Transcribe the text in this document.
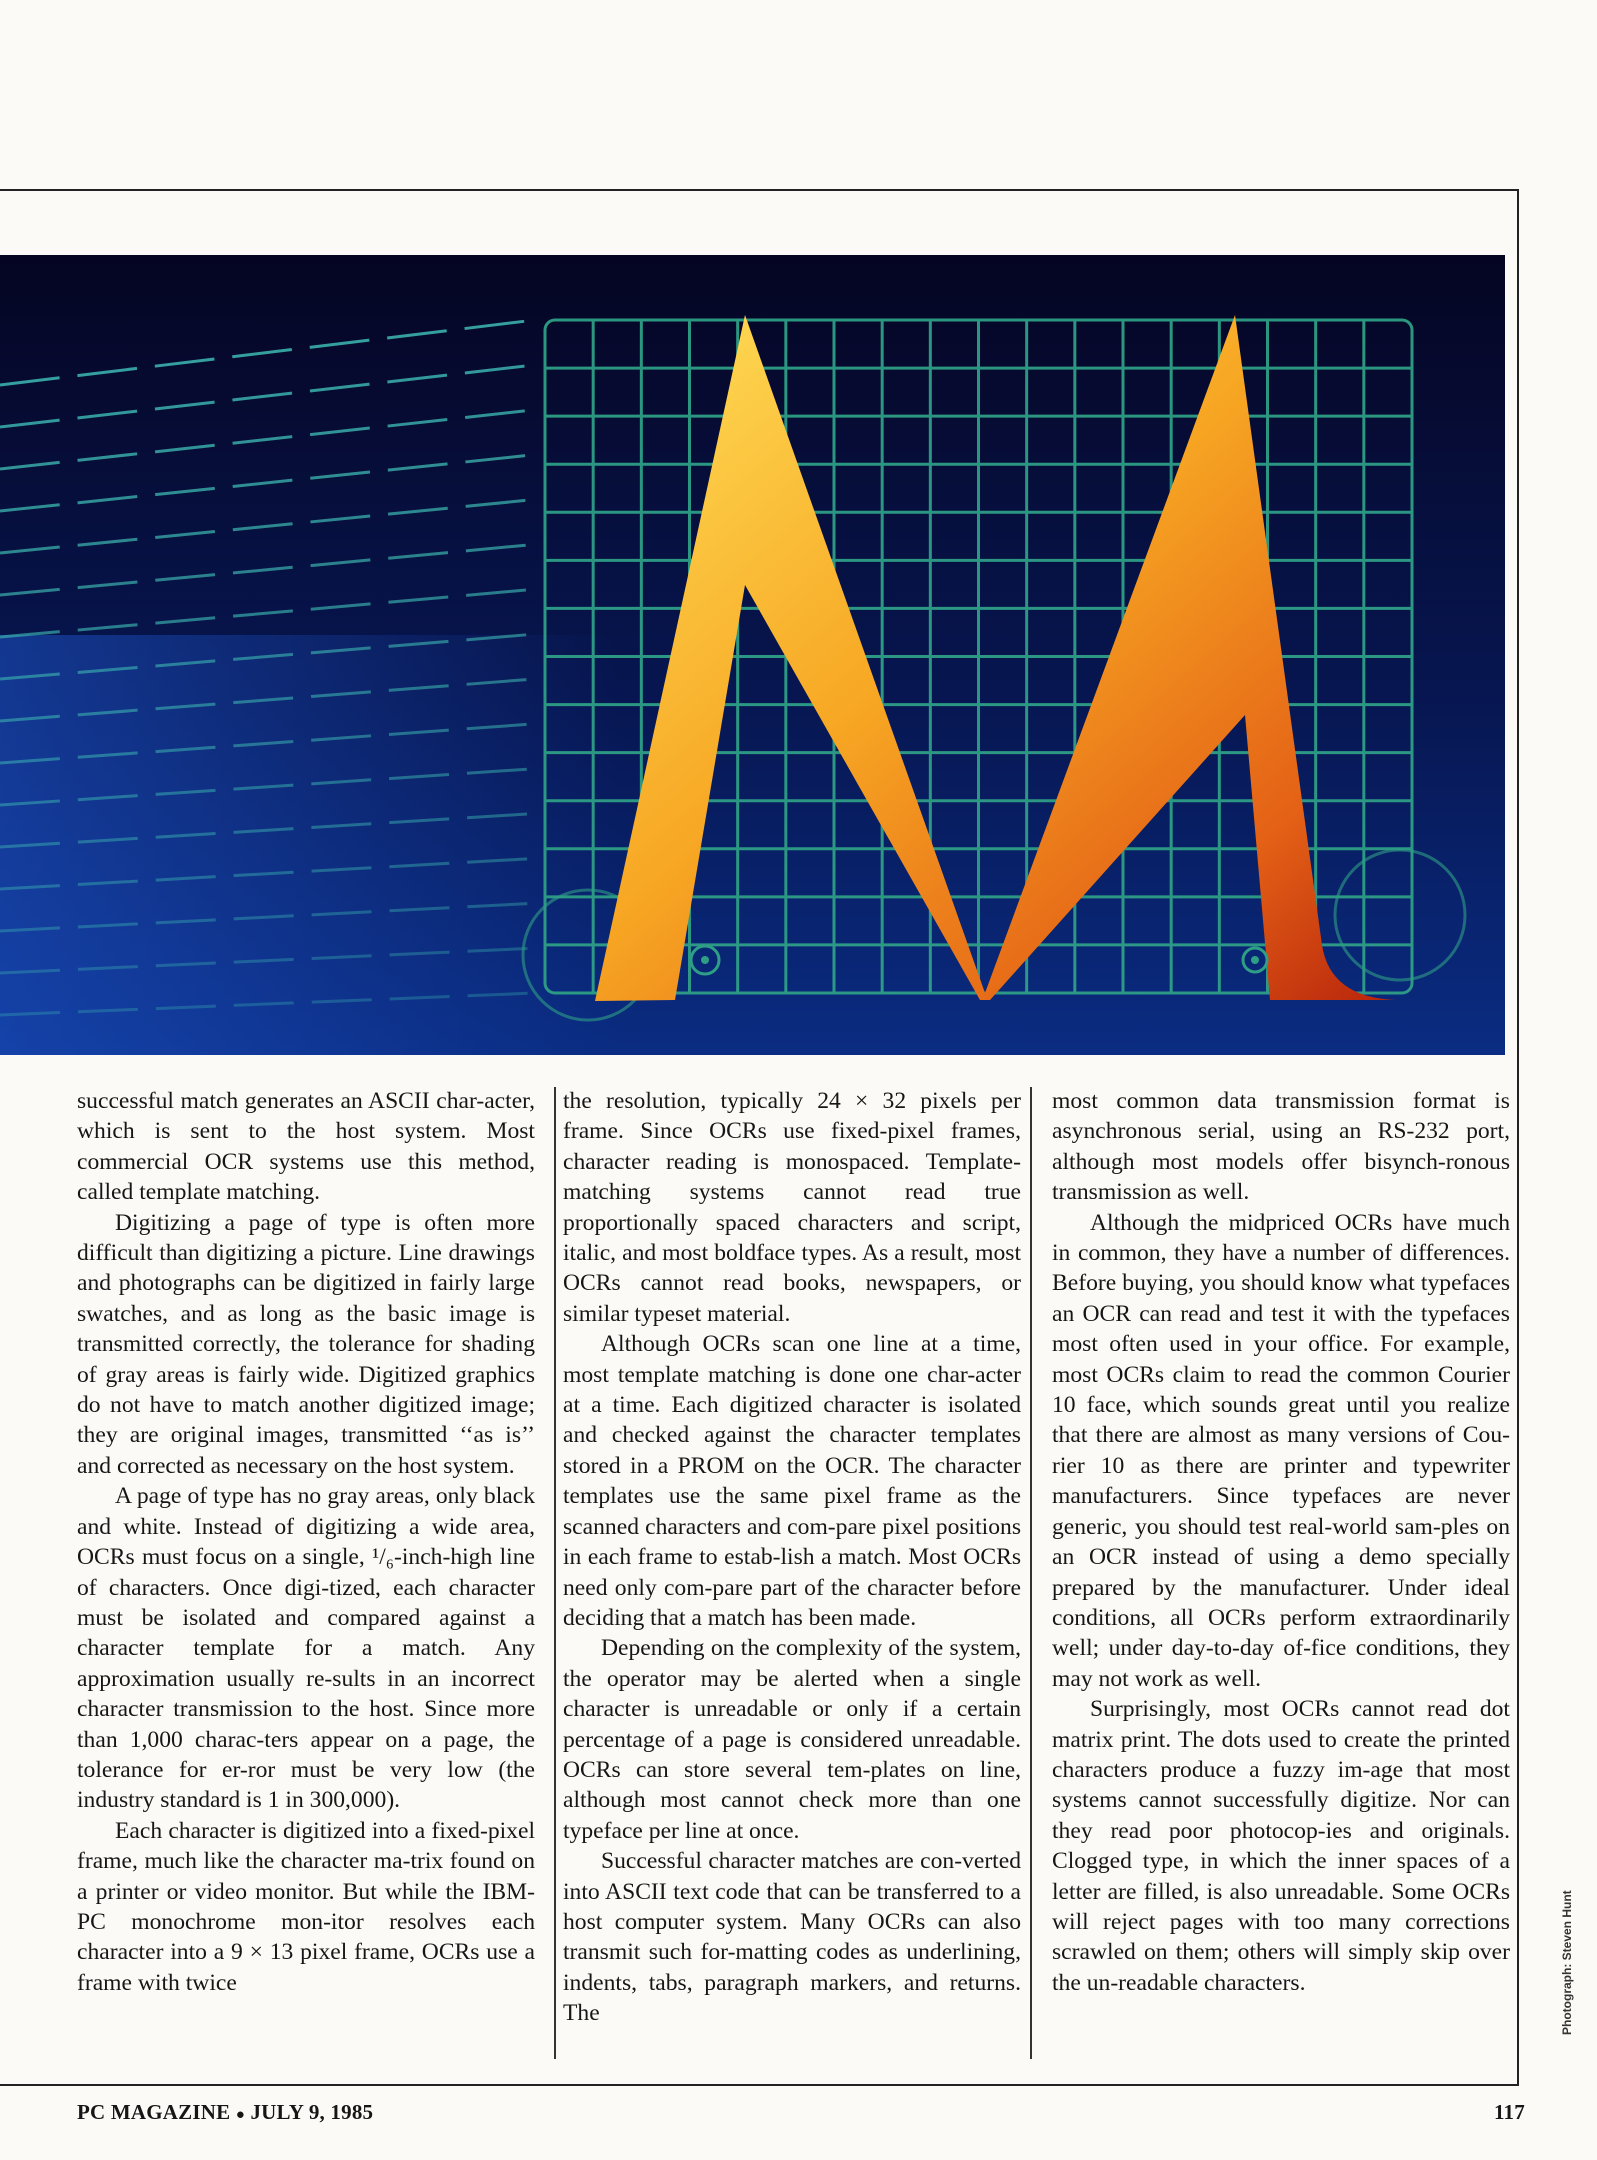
successful match generates an ASCII char-acter, which is sent to the host system. Most commercial OCR systems use this method, called template matching.

Digitizing a page of type is often more difficult than digitizing a picture. Line drawings and photographs can be digitized in fairly large swatches, and as long as the basic image is transmitted correctly, the tolerance for shading of gray areas is fairly wide. Digitized graphics do not have to match another digitized image; they are original images, transmitted ‘‘as is’’ and corrected as necessary on the host system.

A page of type has no gray areas, only black and white. Instead of digitizing a wide area, OCRs must focus on a single, ¹/₆-inch-high line of characters. Once digi-tized, each character must be isolated and compared against a character template for a match. Any approximation usually re-sults in an incorrect character transmission to the host. Since more than 1,000 charac-ters appear on a page, the tolerance for er-ror must be very low (the industry standard is 1 in 300,000).

Each character is digitized into a fixed-pixel frame, much like the character ma-trix found on a printer or video monitor. But while the IBM-PC monochrome mon-itor resolves each character into a 9 × 13 pixel frame, OCRs use a frame with twice

the resolution, typically 24 × 32 pixels per frame. Since OCRs use fixed-pixel frames, character reading is monospaced. Template-matching systems cannot read true proportionally spaced characters and script, italic, and most boldface types. As a result, most OCRs cannot read books, newspapers, or similar typeset material.

Although OCRs scan one line at a time, most template matching is done one char-acter at a time. Each digitized character is isolated and checked against the character templates stored in a PROM on the OCR. The character templates use the same pixel frame as the scanned characters and com-pare pixel positions in each frame to estab-lish a match. Most OCRs need only com-pare part of the character before deciding that a match has been made.

Depending on the complexity of the system, the operator may be alerted when a single character is unreadable or only if a certain percentage of a page is considered unreadable. OCRs can store several tem-plates on line, although most cannot check more than one typeface per line at once.

Successful character matches are con-verted into ASCII text code that can be transferred to a host computer system. Many OCRs can also transmit such for-matting codes as underlining, indents, tabs, paragraph markers, and returns. The

most common data transmission format is asynchronous serial, using an RS-232 port, although most models offer bisynch-ronous transmission as well.

Although the midpriced OCRs have much in common, they have a number of differences. Before buying, you should know what typefaces an OCR can read and test it with the typefaces most often used in your office. For example, most OCRs claim to read the common Courier 10 face, which sounds great until you realize that there are almost as many versions of Cou-rier 10 as there are printer and typewriter manufacturers. Since typefaces are never generic, you should test real-world sam-ples on an OCR instead of using a demo specially prepared by the manufacturer. Under ideal conditions, all OCRs perform extraordinarily well; under day-to-day of-fice conditions, they may not work as well.

Surprisingly, most OCRs cannot read dot matrix print. The dots used to create the printed characters produce a fuzzy im-age that most systems cannot successfully digitize. Nor can they read poor photocop-ies and originals. Clogged type, in which the inner spaces of a letter are filled, is also unreadable. Some OCRs will reject pages with too many corrections scrawled on them; others will simply skip over the un-readable characters.	Photograph: Steven Hunt
PC MAGAZINE ● JULY 9, 1985	117
